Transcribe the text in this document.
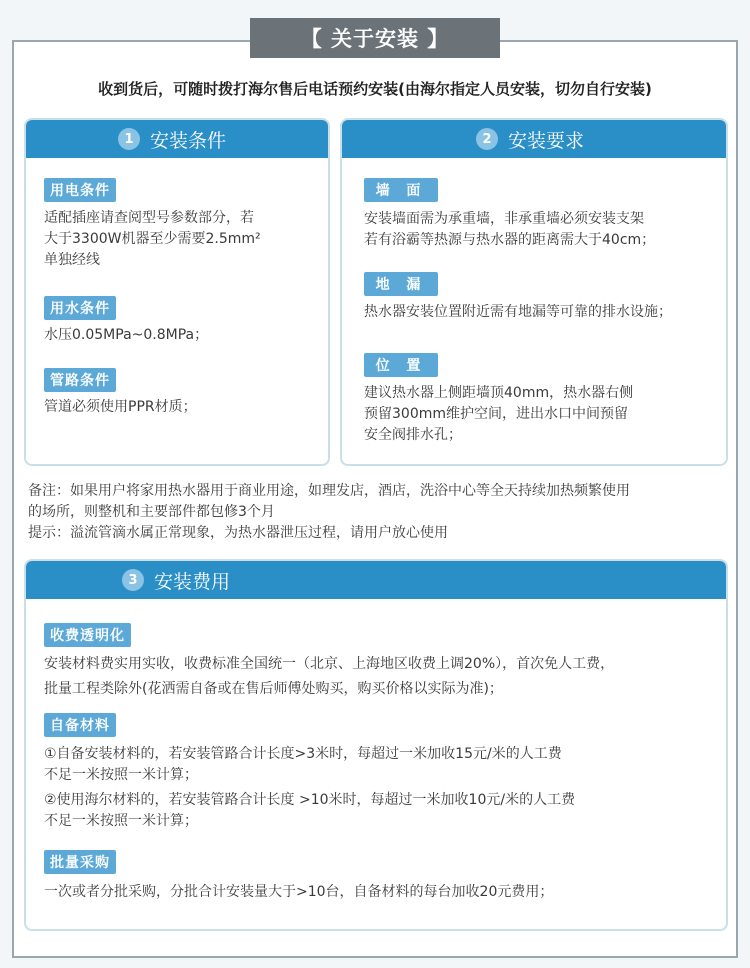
【 关于安装 】
收到货后，可随时拨打海尔售后电话预约安装(由海尔指定人员安装，切勿自行安装)
1 安装条件
用电条件
适配插座请查阅型号参数部分，若
大于3300W机器至少需要2.5mm²
单独经线
用水条件
水压0.05MPa~0.8MPa；
管路条件
管道必须使用PPR材质；
2 安装要求
墙 面
安装墙面需为承重墙，非承重墙必须安装支架
若有浴霸等热源与热水器的距离需大于40cm；
地 漏
热水器安装位置附近需有地漏等可靠的排水设施；
位 置
建议热水器上侧距墙顶40mm，热水器右侧
预留300mm维护空间，进出水口中间预留
安全阀排水孔；
备注：如果用户将家用热水器用于商业用途，如理发店，酒店，洗浴中心等全天持续加热频繁使用
的场所，则整机和主要部件都包修3个月
提示：溢流管滴水属正常现象，为热水器泄压过程，请用户放心使用
3 安装费用
收费透明化
安装材料费实用实收，收费标准全国统一（北京、上海地区收费上调20%），首次免人工费，
批量工程类除外(花洒需自备或在售后师傅处购买，购买价格以实际为准)；
自备材料
①自备安装材料的，若安装管路合计长度>3米时，每超过一米加收15元/米的人工费
不足一米按照一米计算；
②使用海尔材料的，若安装管路合计长度 >10米时，每超过一米加收10元/米的人工费
不足一米按照一米计算；
批量采购
一次或者分批采购，分批合计安装量大于>10台，自备材料的每台加收20元费用；
